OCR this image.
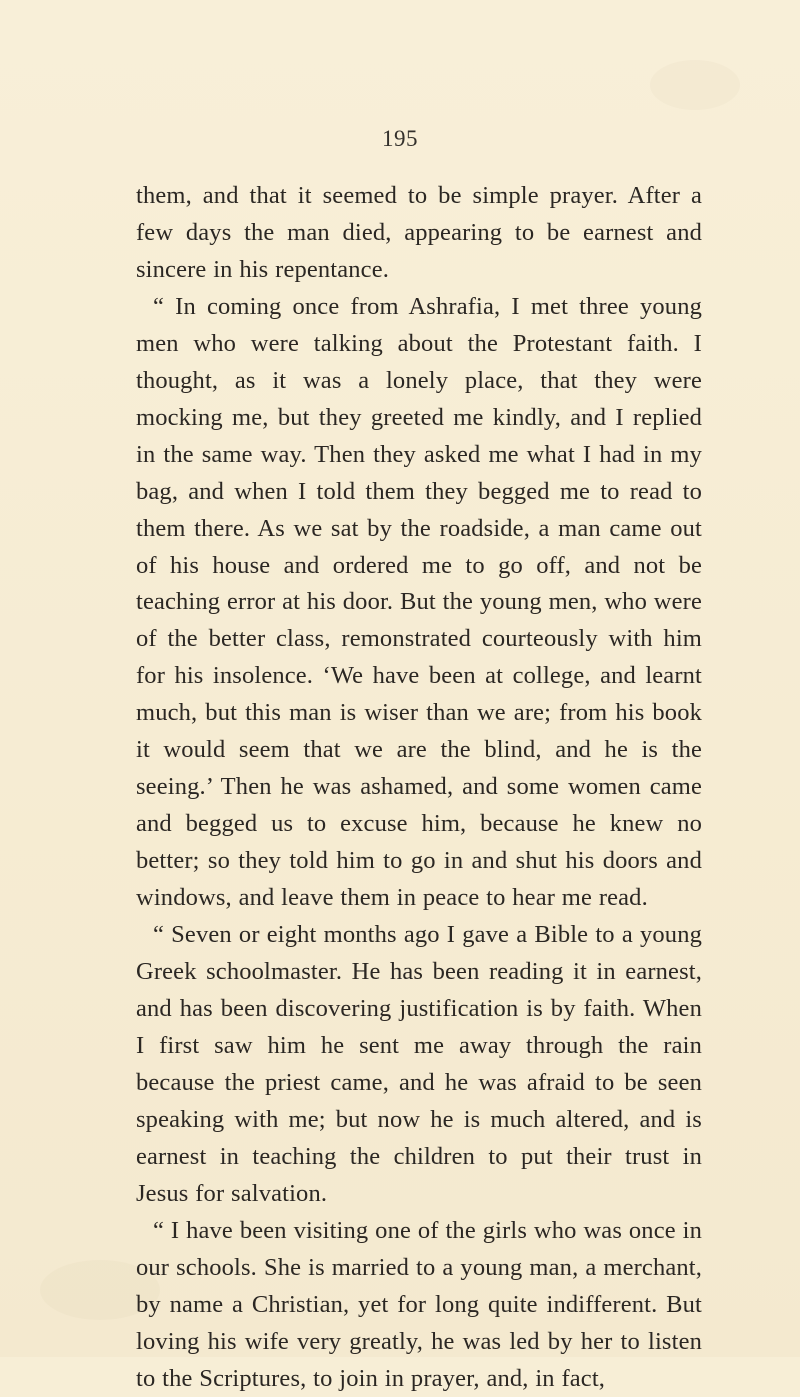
195

them, and that it seemed to be simple prayer. After a few days the man died, appearing to be earnest and sincere in his repentance.

“ In coming once from Ashrafia, I met three young men who were talking about the Protestant faith. I thought, as it was a lonely place, that they were mocking me, but they greeted me kindly, and I replied in the same way. Then they asked me what I had in my bag, and when I told them they begged me to read to them there. As we sat by the roadside, a man came out of his house and ordered me to go off, and not be teaching error at his door. But the young men, who were of the better class, remonstrated courteously with him for his insolence. ‘We have been at college, and learnt much, but this man is wiser than we are; from his book it would seem that we are the blind, and he is the seeing.’ Then he was ashamed, and some women came and begged us to excuse him, because he knew no better; so they told him to go in and shut his doors and windows, and leave them in peace to hear me read.

“ Seven or eight months ago I gave a Bible to a young Greek schoolmaster. He has been reading it in earnest, and has been discovering justification is by faith. When I first saw him he sent me away through the rain because the priest came, and he was afraid to be seen speaking with me; but now he is much altered, and is earnest in teaching the children to put their trust in Jesus for salvation.

“ I have been visiting one of the girls who was once in our schools. She is married to a young man, a merchant, by name a Christian, yet for long quite indifferent. But loving his wife very greatly, he was led by her to listen to the Scriptures, to join in prayer, and, in fact,
